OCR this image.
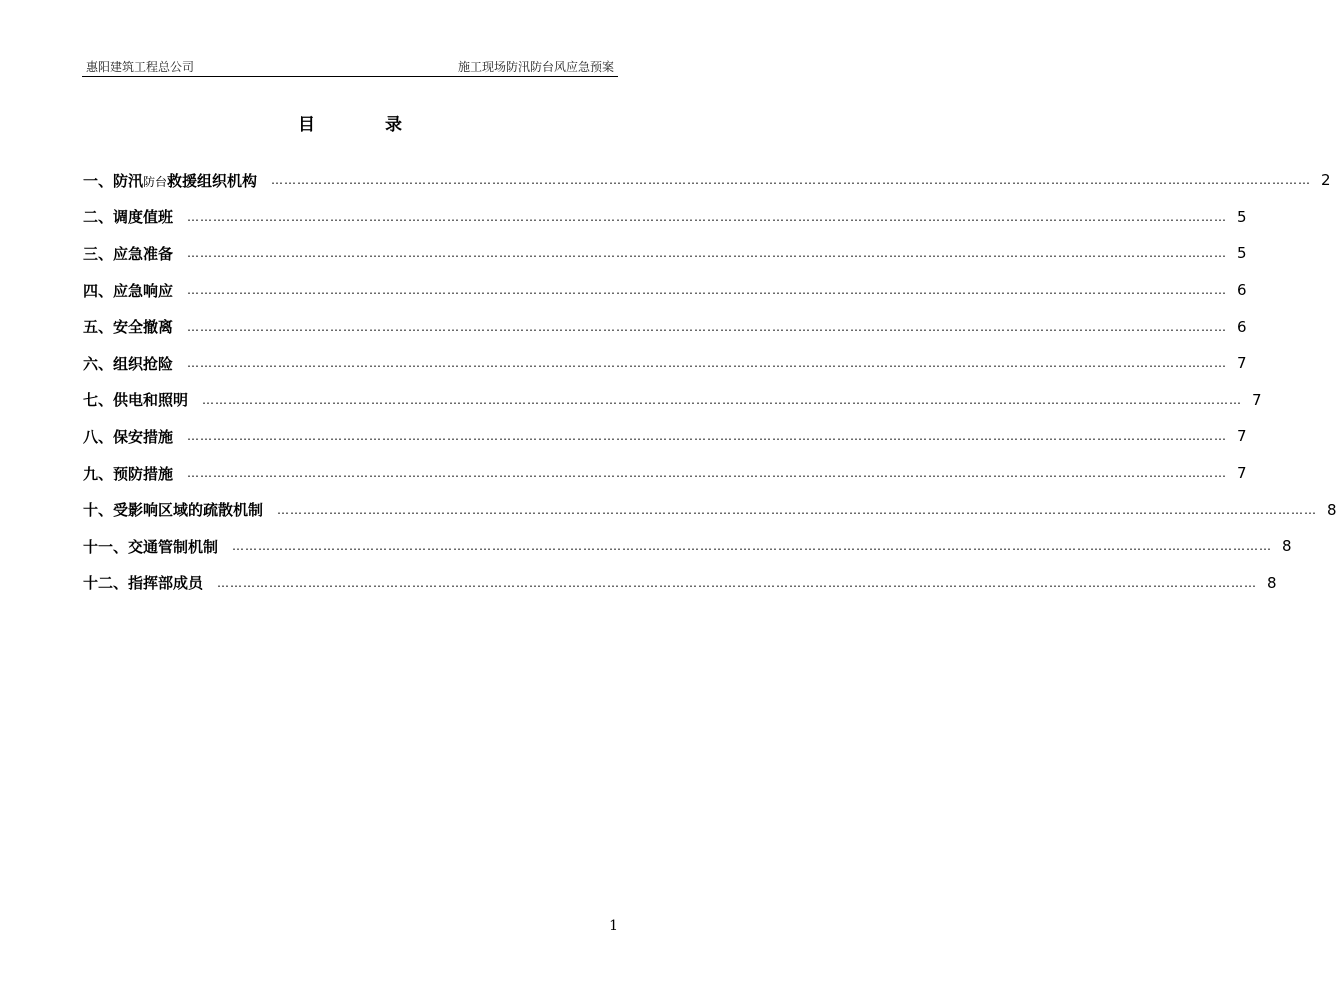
惠阳建筑工程总公司	施工现场防汛防台风应急预案
目	录
一、防汛防台救援组织机构 …………………………………………………………………………………………………………………………………………………………………………………………………………………… 2
二、调度值班 …………………………………………………………………………………………………………………………………………………………………………………………………………………… 5
三、应急准备 …………………………………………………………………………………………………………………………………………………………………………………………………………………… 5
四、应急响应 …………………………………………………………………………………………………………………………………………………………………………………………………………………… 6
五、安全撤离 …………………………………………………………………………………………………………………………………………………………………………………………………………………… 6
六、组织抢险 …………………………………………………………………………………………………………………………………………………………………………………………………………………… 7
七、供电和照明 …………………………………………………………………………………………………………………………………………………………………………………………………………………… 7
八、保安措施 …………………………………………………………………………………………………………………………………………………………………………………………………………………… 7
九、预防措施 …………………………………………………………………………………………………………………………………………………………………………………………………………………… 7
十、受影响区域的疏散机制 …………………………………………………………………………………………………………………………………………………………………………………………………………………… 8
十一、交通管制机制 …………………………………………………………………………………………………………………………………………………………………………………………………………………… 8
十二、指挥部成员 …………………………………………………………………………………………………………………………………………………………………………………………………………………… 8
1
